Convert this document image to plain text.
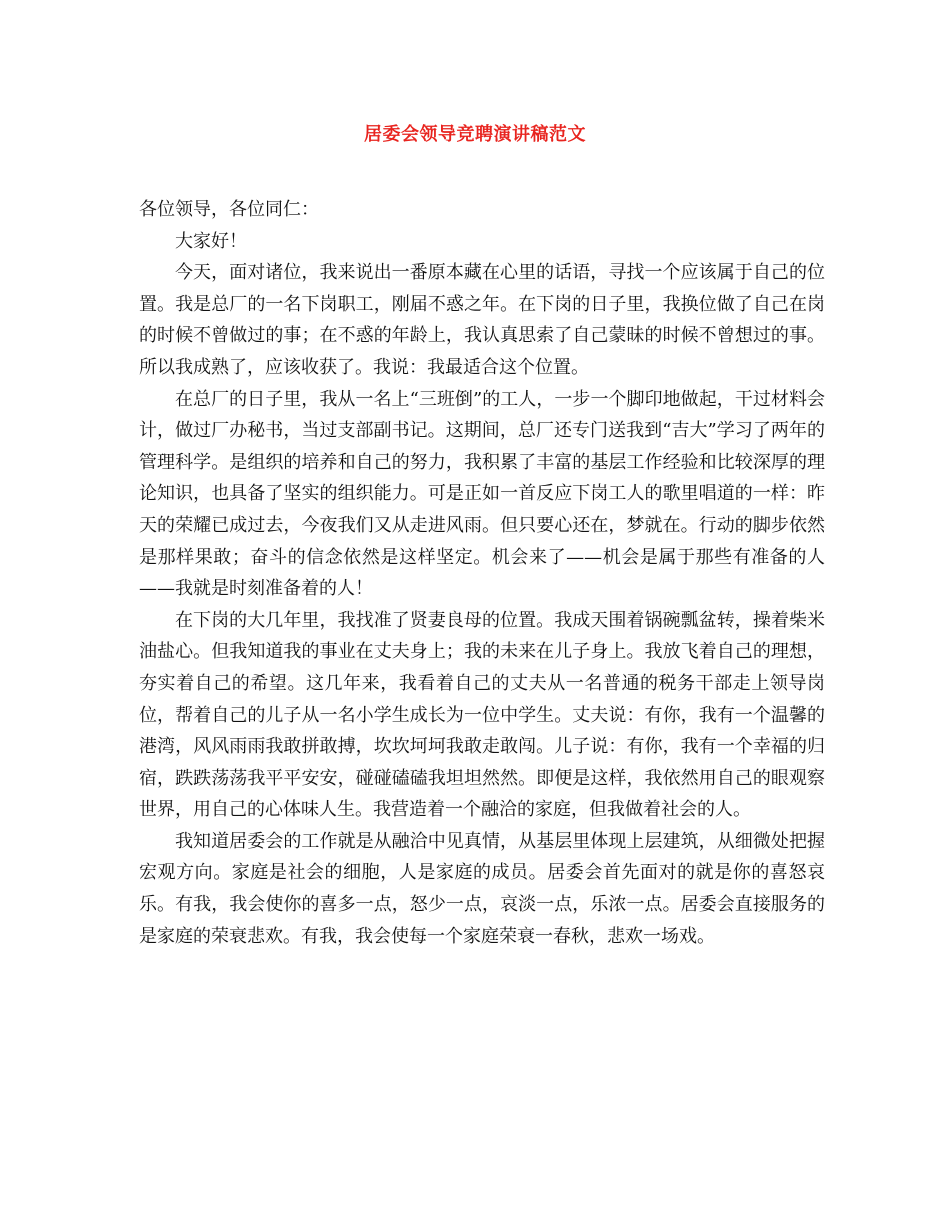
居委会领导竞聘演讲稿范文

各位领导，各位同仁：

大家好！

今天，面对诸位，我来说出一番原本藏在心里的话语，寻找一个应该属于自己的位置。我是总厂的一名下岗职工，刚届不惑之年。在下岗的日子里，我换位做了自己在岗的时候不曾做过的事；在不惑的年龄上，我认真思索了自己蒙昧的时候不曾想过的事。所以我成熟了，应该收获了。我说：我最适合这个位置。

在总厂的日子里，我从一名上“三班倒”的工人，一步一个脚印地做起，干过材料会计，做过厂办秘书，当过支部副书记。这期间，总厂还专门送我到“吉大”学习了两年的管理科学。是组织的培养和自己的努力，我积累了丰富的基层工作经验和比较深厚的理论知识，也具备了坚实的组织能力。可是正如一首反应下岗工人的歌里唱道的一样：昨天的荣耀已成过去，今夜我们又从走进风雨。但只要心还在，梦就在。行动的脚步依然是那样果敢；奋斗的信念依然是这样坚定。机会来了——机会是属于那些有准备的人——我就是时刻准备着的人！

在下岗的大几年里，我找准了贤妻良母的位置。我成天围着锅碗瓢盆转，操着柴米油盐心。但我知道我的事业在丈夫身上；我的未来在儿子身上。我放飞着自己的理想，夯实着自己的希望。这几年来，我看着自己的丈夫从一名普通的税务干部走上领导岗位，帮着自己的儿子从一名小学生成长为一位中学生。丈夫说：有你，我有一个温馨的港湾，风风雨雨我敢拼敢搏，坎坎坷坷我敢走敢闯。儿子说：有你，我有一个幸福的归宿，跌跌荡荡我平平安安，碰碰磕磕我坦坦然然。即便是这样，我依然用自己的眼观察世界，用自己的心体味人生。我营造着一个融洽的家庭，但我做着社会的人。

我知道居委会的工作就是从融洽中见真情，从基层里体现上层建筑，从细微处把握宏观方向。家庭是社会的细胞，人是家庭的成员。居委会首先面对的就是你的喜怒哀乐。有我，我会使你的喜多一点，怒少一点，哀淡一点，乐浓一点。居委会直接服务的是家庭的荣衰悲欢。有我，我会使每一个家庭荣衰一春秋，悲欢一场戏。
